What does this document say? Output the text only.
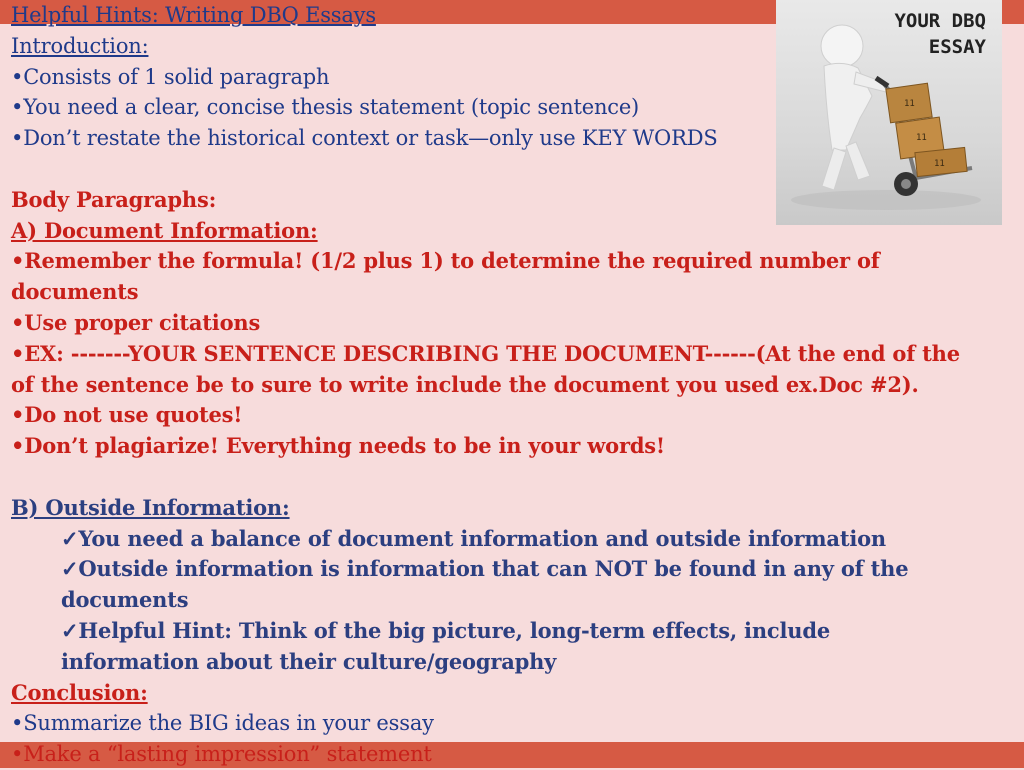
Helpful Hints: Writing DBQ Essays
Introduction:
• Consists of 1 solid paragraph
• You need a clear, concise thesis statement (topic sentence)
• Don’t restate the historical context or task—only use KEY WORDS
Body Paragraphs:
A) Document Information:
• Remember the formula! (1/2 plus 1) to determine the required number of
documents
• Use proper citations
• EX: -------YOUR SENTENCE DESCRIBING THE DOCUMENT------(At the end of the
of the sentence be to sure to write include the document you used ex.Doc #2).
• Do not use quotes!
• Don’t plagiarize! Everything needs to be in your words!
B) Outside Information:
✓ You need a balance of document information and outside information
✓ Outside information is information that can NOT be found in any of the
documents
✓ Helpful Hint: Think of the big picture, long-term effects, include
information about their culture/geography
Conclusion:
• Summarize the BIG ideas in your essay
• Make a “lasting impression” statement
11
11
11
YOUR DBQ
ESSAY
